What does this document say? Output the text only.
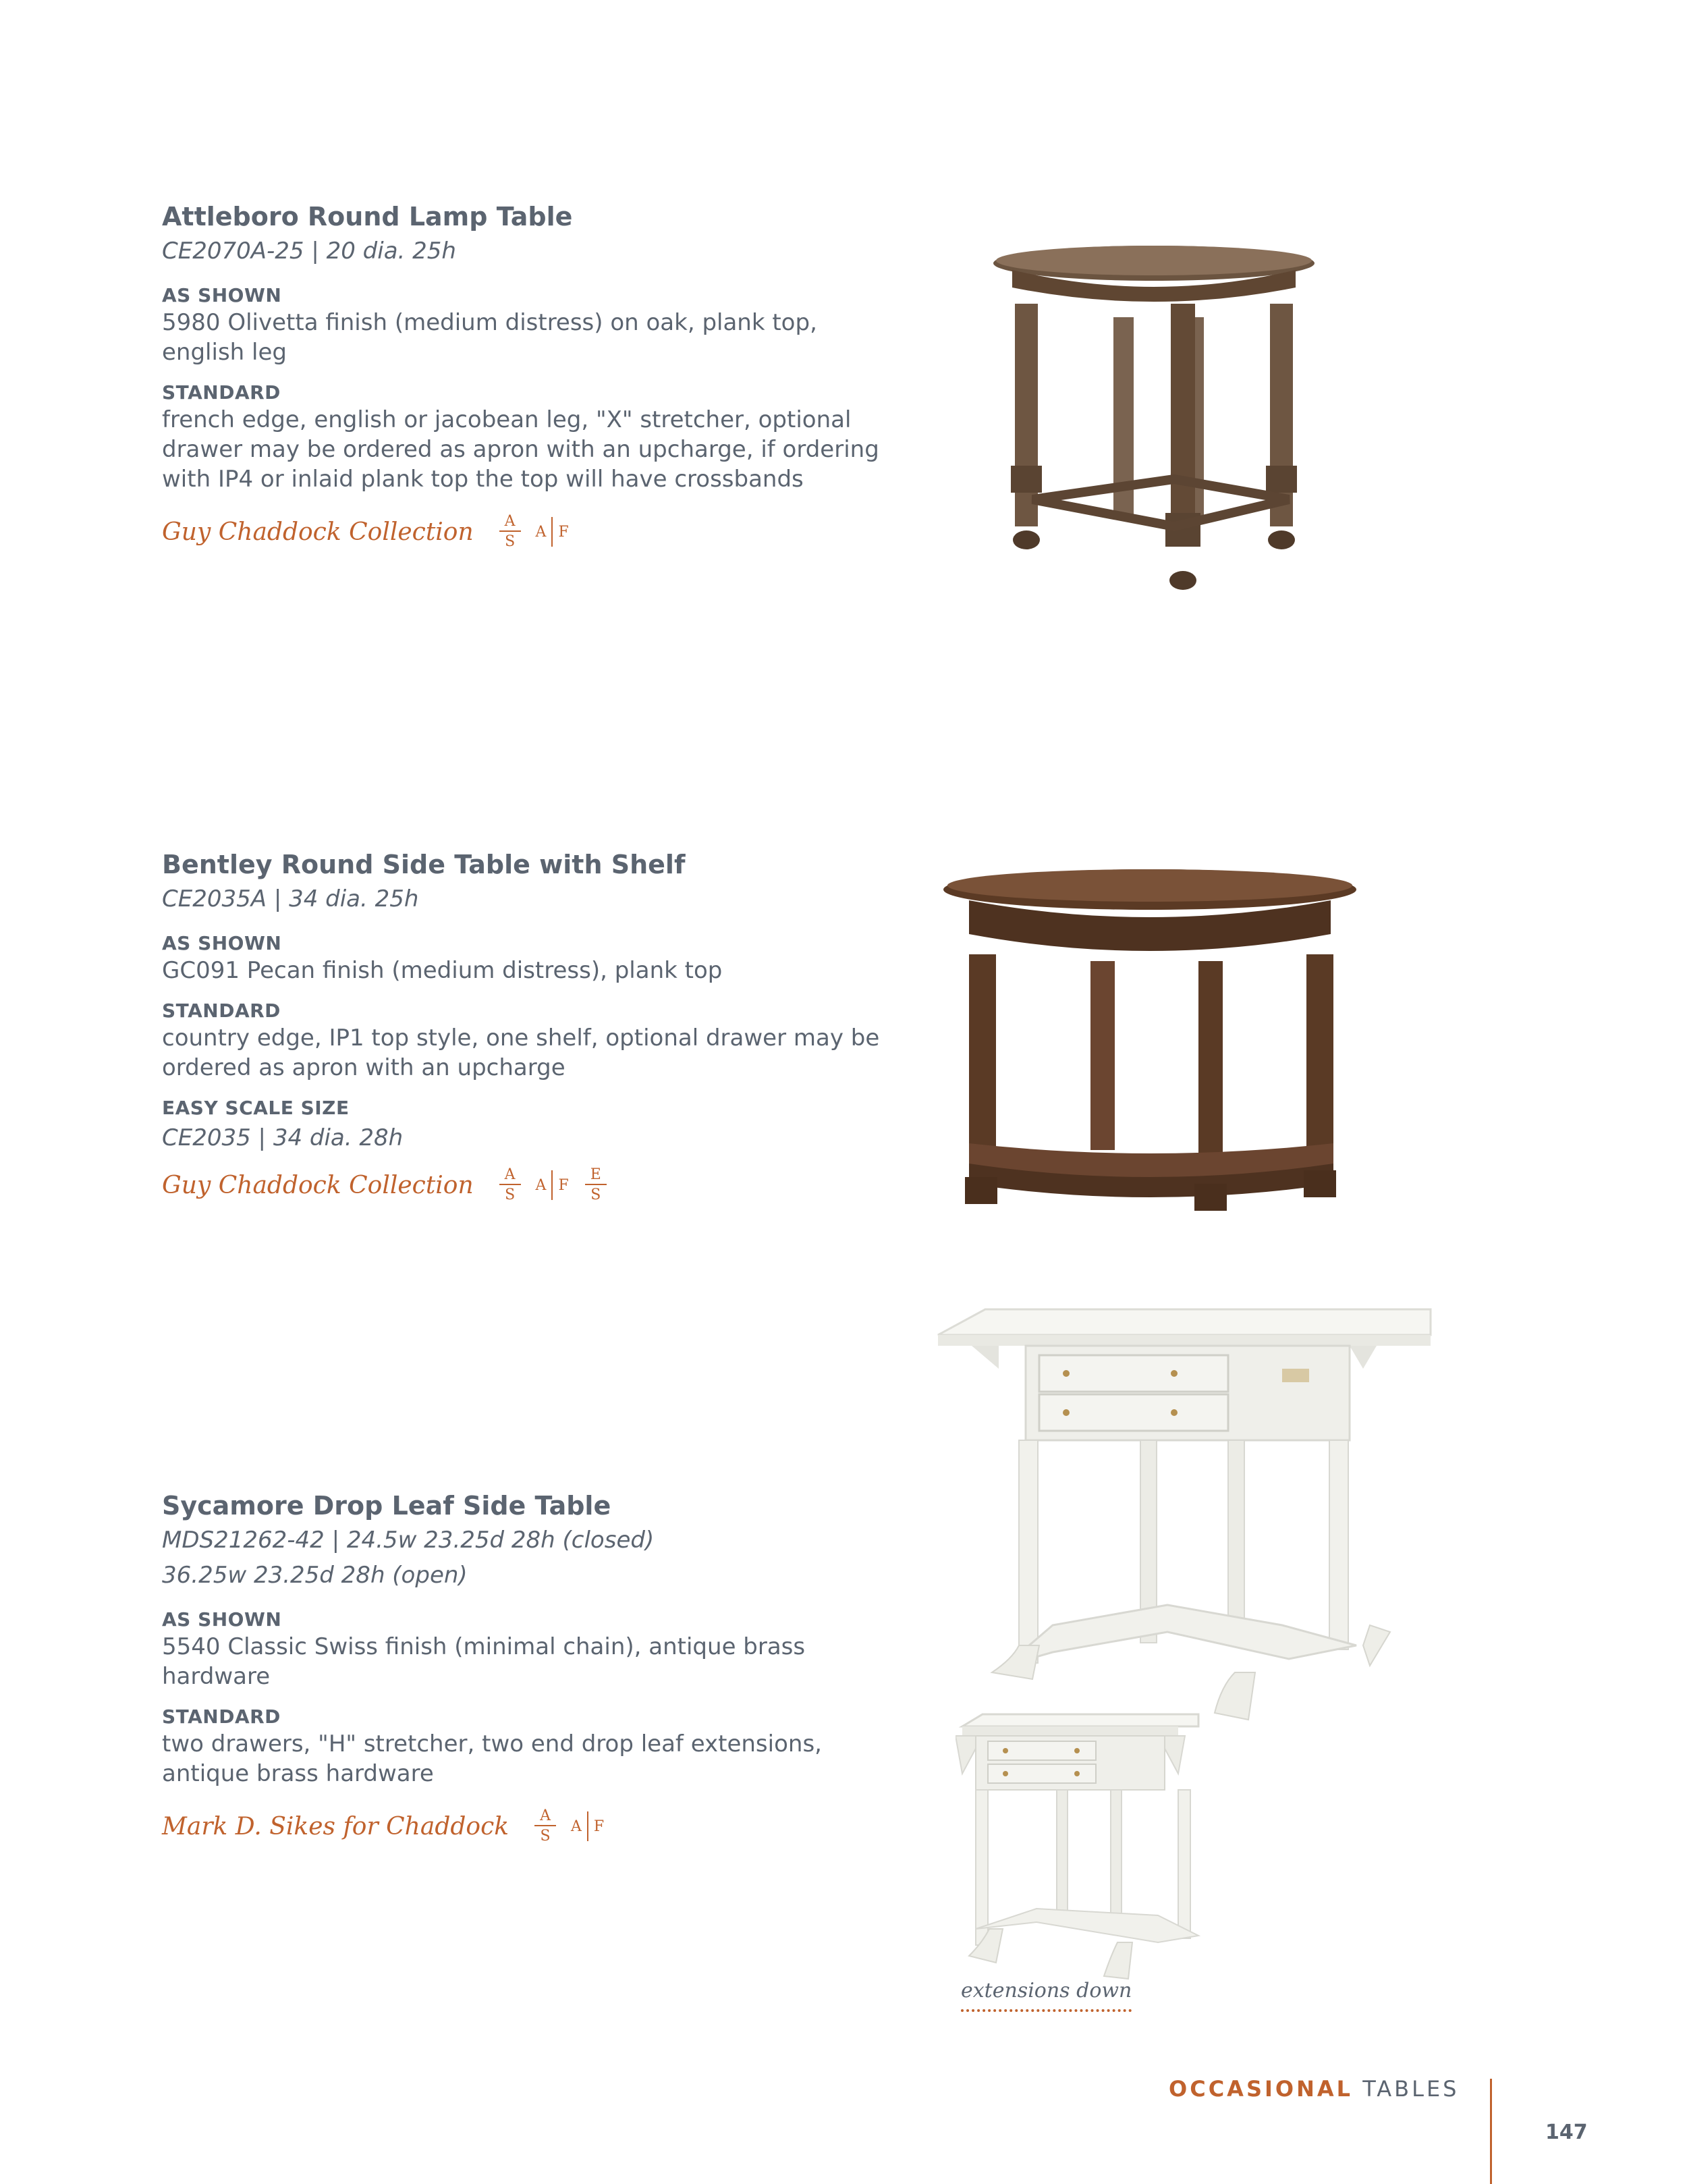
Attleboro Round Lamp Table
CE2070A-25 | 20 dia. 25h
AS SHOWN
5980 Olivetta finish (medium distress) on oak, plank top, english leg
STANDARD
french edge, english or jacobean leg, "X" stretcher, optional drawer may be ordered as apron with an upcharge, if ordering with IP4 or inlaid plank top the top will have crossbands
Guy Chaddock Collection $\frac{A}{S}$ A F
Bentley Round Side Table with Shelf
CE2035A | 34 dia. 25h
AS SHOWN
GC091 Pecan finish (medium distress), plank top
STANDARD
country edge, IP1 top style, one shelf, optional drawer may be ordered as apron with an upcharge
EASY SCALE SIZE
CE2035 | 34 dia. 28h
Guy Chaddock Collection $\frac{A}{S}$ A F $\frac{E}{S}$
Sycamore Drop Leaf Side Table
MDS21262-42 | 24.5w 23.25d 28h (closed)
36.25w 23.25d 28h (open)
AS SHOWN
5540 Classic Swiss finish (minimal chain), antique brass hardware
STANDARD
two drawers, "H" stretcher, two end drop leaf extensions, antique brass hardware
Mark D. Sikes for Chaddock $\frac{A}{S}$ A F
extensions down
OCCASIONAL TABLES
147
